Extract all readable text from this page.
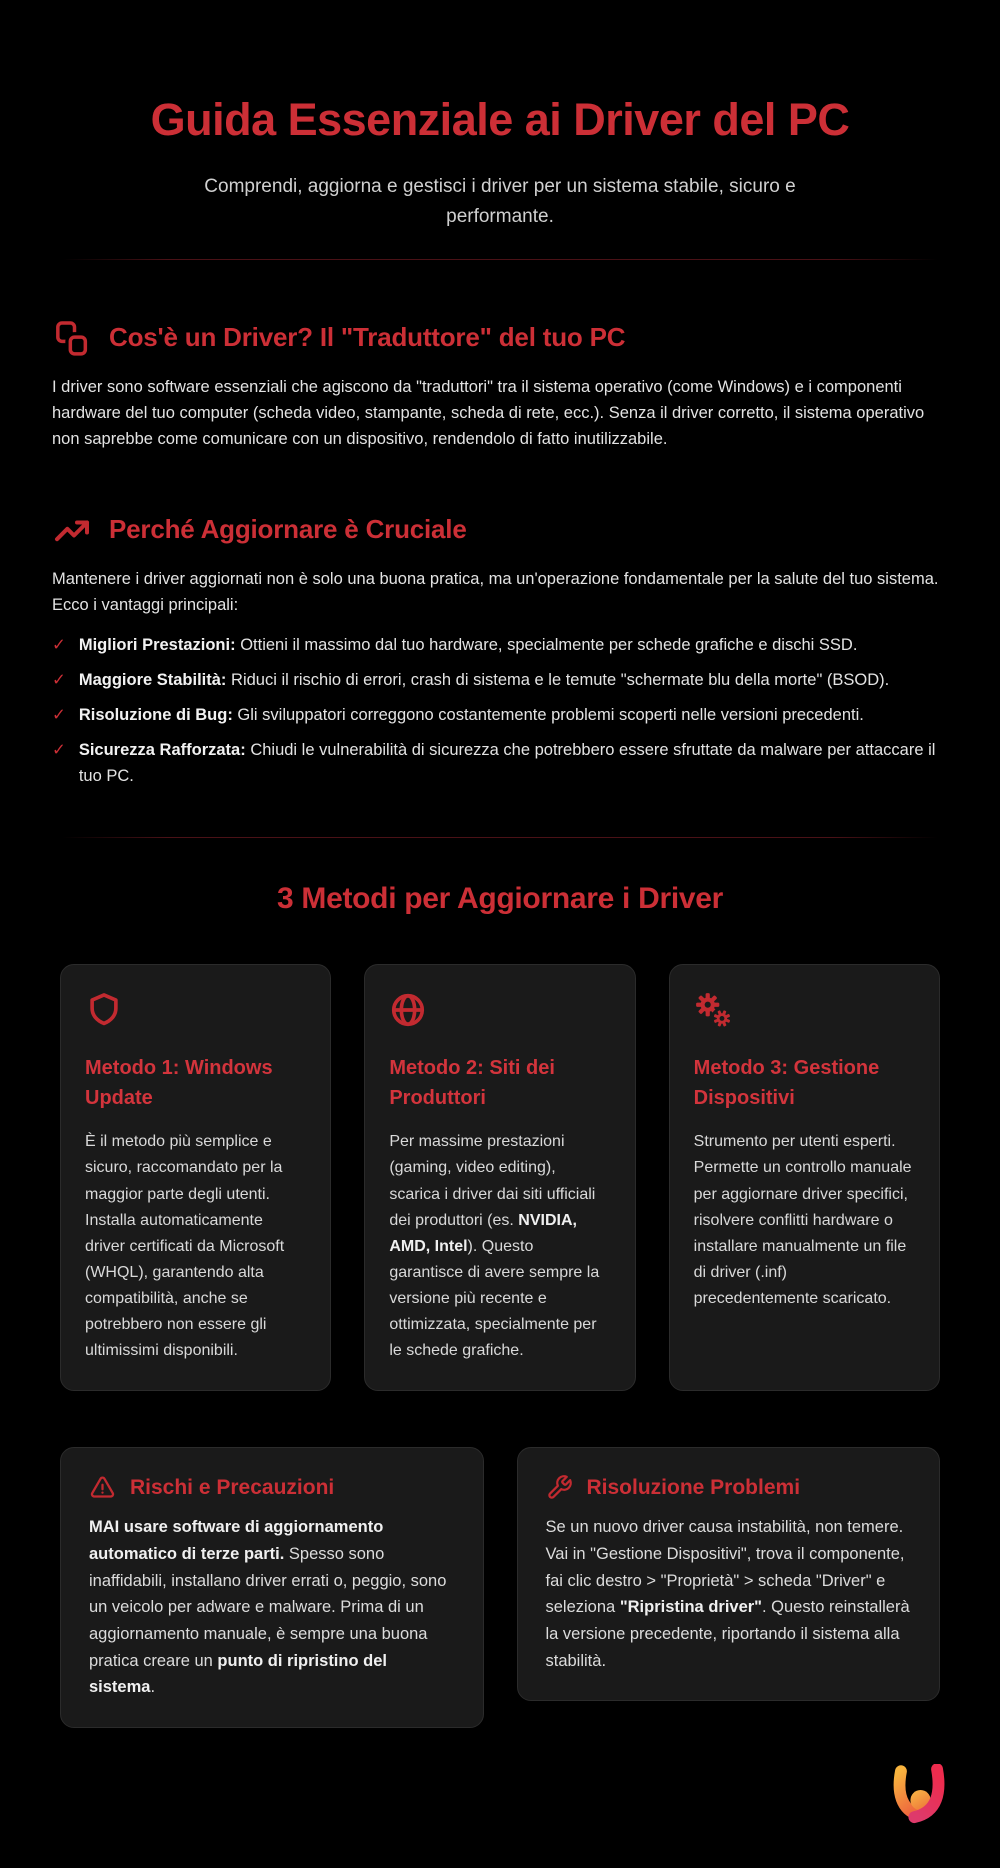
Guida Essenziale ai Driver del PC

Comprendi, aggiorna e gestisci i driver per un sistema stabile, sicuro e performante.

Cos'è un Driver? Il "Traduttore" del tuo PC

I driver sono software essenziali che agiscono da "traduttori" tra il sistema operativo (come Windows) e i componenti hardware del tuo computer (scheda video, stampante, scheda di rete, ecc.). Senza il driver corretto, il sistema operativo non saprebbe come comunicare con un dispositivo, rendendolo di fatto inutilizzabile.

Perché Aggiornare è Cruciale

Mantenere i driver aggiornati non è solo una buona pratica, ma un'operazione fondamentale per la salute del tuo sistema. Ecco i vantaggi principali:

✓ Migliori Prestazioni: Ottieni il massimo dal tuo hardware, specialmente per schede grafiche e dischi SSD.

✓ Maggiore Stabilità: Riduci il rischio di errori, crash di sistema e le temute "schermate blu della morte" (BSOD).

✓ Risoluzione di Bug: Gli sviluppatori correggono costantemente problemi scoperti nelle versioni precedenti.

✓ Sicurezza Rafforzata: Chiudi le vulnerabilità di sicurezza che potrebbero essere sfruttate da malware per attaccare il tuo PC.

3 Metodi per Aggiornare i Driver
Metodo 1: Windows Update

È il metodo più semplice e sicuro, raccomandato per la maggior parte degli utenti. Installa automaticamente driver certificati da Microsoft (WHQL), garantendo alta compatibilità, anche se potrebbero non essere gli ultimissimi disponibili.

Metodo 2: Siti dei Produttori

Per massime prestazioni (gaming, video editing), scarica i driver dai siti ufficiali dei produttori (es. NVIDIA, AMD, Intel). Questo garantisce di avere sempre la versione più recente e ottimizzata, specialmente per le schede grafiche.

Metodo 3: Gestione Dispositivi

Strumento per utenti esperti. Permette un controllo manuale per aggiornare driver specifici, risolvere conflitti hardware o installare manualmente un file di driver (.inf) precedentemente scaricato.

Rischi e Precauzioni

MAI usare software di aggiornamento automatico di terze parti. Spesso sono inaffidabili, installano driver errati o, peggio, sono un veicolo per adware e malware. Prima di un aggiornamento manuale, è sempre una buona pratica creare un punto di ripristino del sistema.

Risoluzione Problemi

Se un nuovo driver causa instabilità, non temere. Vai in "Gestione Dispositivi", trova il componente, fai clic destro > "Proprietà" > scheda "Driver" e seleziona "Ripristina driver". Questo reinstallerà la versione precedente, riportando il sistema alla stabilità.
